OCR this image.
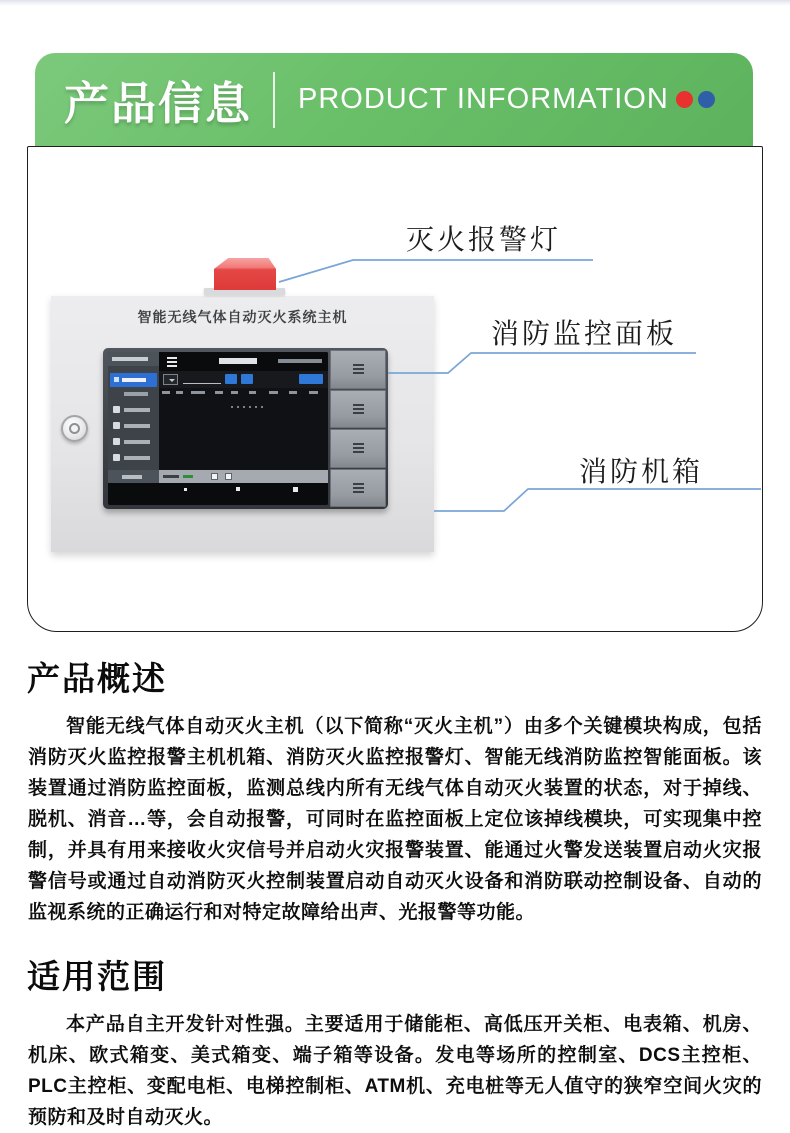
产品信息 PRODUCT INFORMATION
智能无线气体自动灭火系统主机
灭火报警灯
消防监控面板
消防机箱
产品概述

智能无线气体自动灭火主机（以下简称“灭火主机”）由多个关键模块构成，包括消防灭火监控报警主机机箱、消防灭火监控报警灯、智能无线消防监控智能面板。该装置通过消防监控面板，监测总线内所有无线气体自动灭火装置的状态，对于掉线、脱机、消音…等，会自动报警，可同时在监控面板上定位该掉线模块，可实现集中控制，并具有用来接收火灾信号并启动火灾报警装置、能通过火警发送装置启动火灾报警信号或通过自动消防灭火控制装置启动自动灭火设备和消防联动控制设备、自动的监视系统的正确运行和对特定故障给出声、光报警等功能。

适用范围

本产品自主开发针对性强。主要适用于储能柜、高低压开关柜、电表箱、机房、机床、欧式箱变、美式箱变、端子箱等设备。发电等场所的控制室、DCS主控柜、PLC主控柜、变配电柜、电梯控制柜、ATM机、充电桩等无人值守的狭窄空间火灾的预防和及时自动灭火。
